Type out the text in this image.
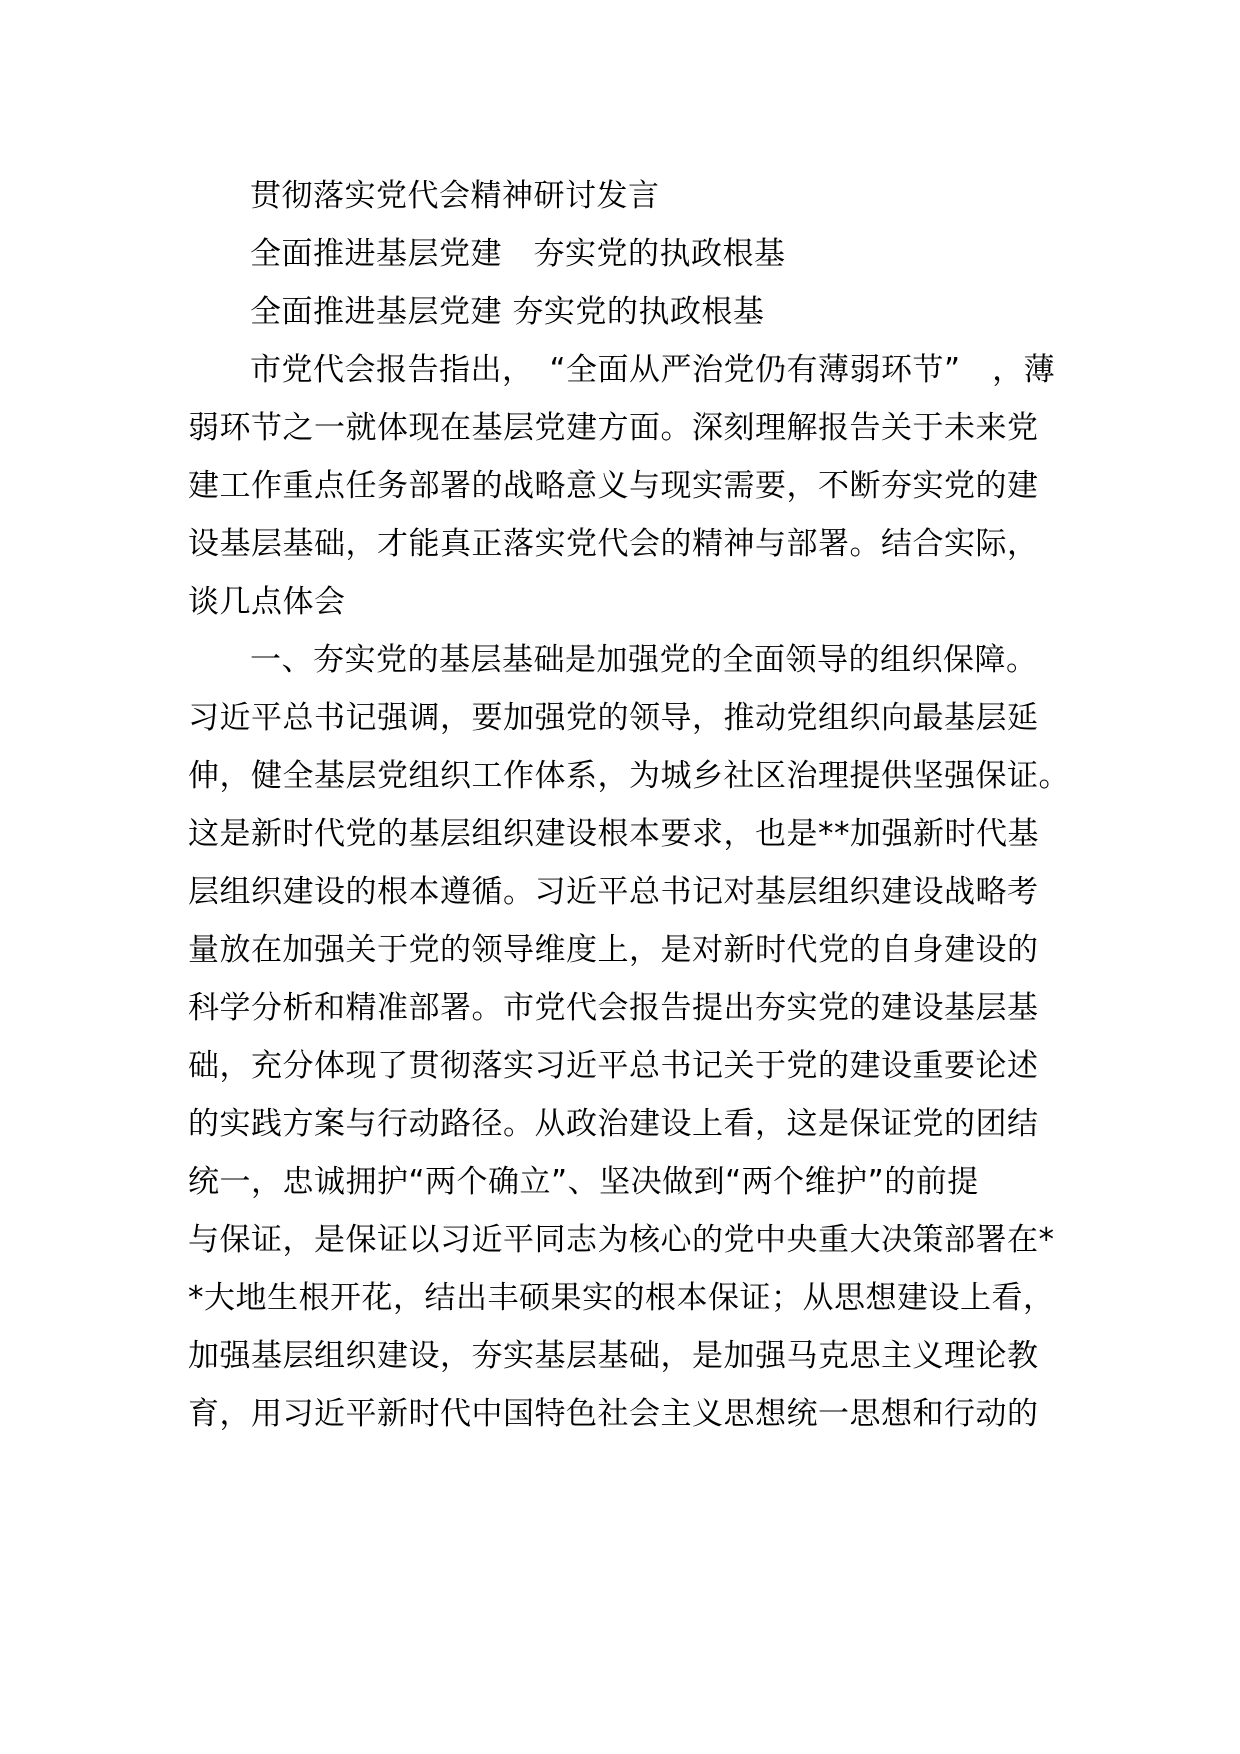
贯彻落实党代会精神研讨发言
全面推进基层党建　夯实党的执政根基
全面推进基层党建 夯实党的执政根基
市党代会报告指出，　“全面从严治党仍有薄弱环节”　，薄
弱环节之一就体现在基层党建方面。深刻理解报告关于未来党
建工作重点任务部署的战略意义与现实需要，不断夯实党的建
设基层基础，才能真正落实党代会的精神与部署。结合实际，
谈几点体会
一、夯实党的基层基础是加强党的全面领导的组织保障。
习近平总书记强调，要加强党的领导，推动党组织向最基层延
伸，健全基层党组织工作体系，为城乡社区治理提供坚强保证。
这是新时代党的基层组织建设根本要求，也是**加强新时代基
层组织建设的根本遵循。习近平总书记对基层组织建设战略考
量放在加强关于党的领导维度上，是对新时代党的自身建设的
科学分析和精准部署。市党代会报告提出夯实党的建设基层基
础，充分体现了贯彻落实习近平总书记关于党的建设重要论述
的实践方案与行动路径。从政治建设上看，这是保证党的团结
统一，忠诚拥护“两个确立”、坚决做到“两个维护”的前提
与保证，是保证以习近平同志为核心的党中央重大决策部署在*
*大地生根开花，结出丰硕果实的根本保证；从思想建设上看，
加强基层组织建设，夯实基层基础，是加强马克思主义理论教
育，用习近平新时代中国特色社会主义思想统一思想和行动的
